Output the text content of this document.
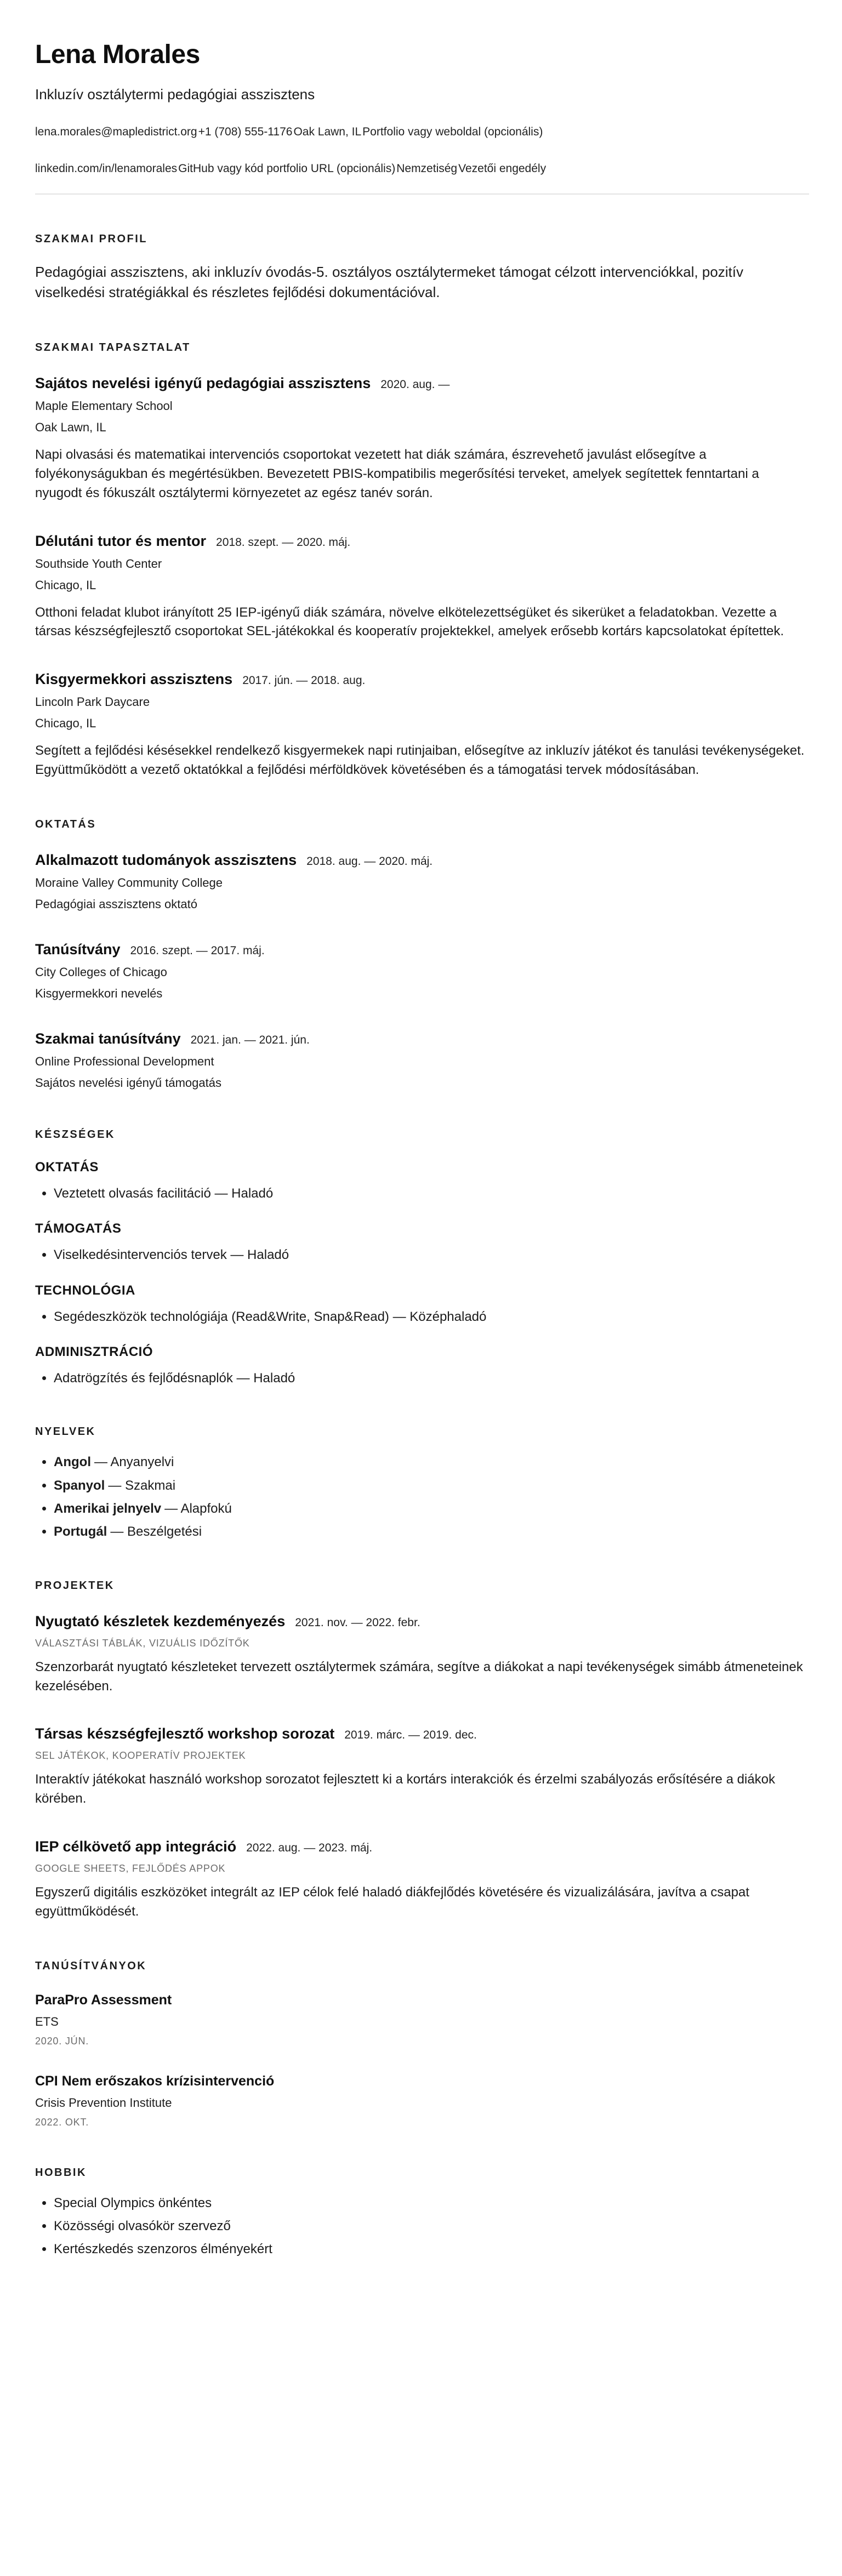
Lena Morales
Inkluzív osztálytermi pedagógiai asszisztens
lena.morales@mapledistrict.org+1 (708) 555-1176Oak Lawn, ILPortfolio vagy weboldal (opcionális)
linkedin.com/in/lenamoralesGitHub vagy kód portfolio URL (opcionális)NemzetiségVezetői engedély
SZAKMAI PROFIL

Pedagógiai asszisztens, aki inkluzív óvodás-5. osztályos osztálytermeket támogat célzott intervenciókkal, pozitív viselkedési stratégiákkal és részletes fejlődési dokumentációval.

SZAKMAI TAPASZTALAT
Sajátos nevelési igényű pedagógiai asszisztens 2020. aug. —
Maple Elementary School
Oak Lawn, IL

Napi olvasási és matematikai intervenciós csoportokat vezetett hat diák számára, észrevehető javulást elősegítve a folyékonyságukban és megértésükben. Bevezetett PBIS-kompatibilis megerősítési terveket, amelyek segítettek fenntartani a nyugodt és fókuszált osztálytermi környezetet az egész tanév során.

Délutáni tutor és mentor 2018. szept. — 2020. máj.
Southside Youth Center
Chicago, IL

Otthoni feladat klubot irányított 25 IEP-igényű diák számára, növelve elkötelezettségüket és sikerüket a feladatokban. Vezette a társas készségfejlesztő csoportokat SEL-játékokkal és kooperatív projektekkel, amelyek erősebb kortárs kapcsolatokat építettek.

Kisgyermekkori asszisztens 2017. jún. — 2018. aug.
Lincoln Park Daycare
Chicago, IL

Segített a fejlődési késésekkel rendelkező kisgyermekek napi rutinjaiban, elősegítve az inkluzív játékot és tanulási tevékenységeket. Együttműködött a vezető oktatókkal a fejlődési mérföldkövek követésében és a támogatási tervek módosításában.

OKTATÁS
Alkalmazott tudományok asszisztens 2018. aug. — 2020. máj.
Moraine Valley Community College
Pedagógiai asszisztens oktató
Tanúsítvány 2016. szept. — 2017. máj.
City Colleges of Chicago
Kisgyermekkori nevelés
Szakmai tanúsítvány 2021. jan. — 2021. jún.
Online Professional Development
Sajátos nevelési igényű támogatás
KÉSZSÉGEK
OKTATÁS
• Veztetett olvasás facilitáció — Haladó
TÁMOGATÁS
• Viselkedésintervenciós tervek — Haladó
TECHNOLÓGIA
• Segédeszközök technológiája (Read&Write, Snap&Read) — Középhaladó
ADMINISZTRÁCIÓ
• Adatrögzítés és fejlődésnaplók — Haladó
NYELVEK
• Angol — Anyanyelvi
• Spanyol — Szakmai
• Amerikai jelnyelv — Alapfokú
• Portugál — Beszélgetési
PROJEKTEK
Nyugtató készletek kezdeményezés 2021. nov. — 2022. febr.
VÁLASZTÁSI TÁBLÁK, VIZUÁLIS IDŐZÍTŐK

Szenzorbarát nyugtató készleteket tervezett osztálytermek számára, segítve a diákokat a napi tevékenységek simább átmeneteinek kezelésében.

Társas készségfejlesztő workshop sorozat 2019. márc. — 2019. dec.
SEL JÁTÉKOK, KOOPERATÍV PROJEKTEK

Interaktív játékokat használó workshop sorozatot fejlesztett ki a kortárs interakciók és érzelmi szabályozás erősítésére a diákok körében.

IEP célkövető app integráció 2022. aug. — 2023. máj.
GOOGLE SHEETS, FEJLŐDÉS APPOK

Egyszerű digitális eszközöket integrált az IEP célok felé haladó diákfejlődés követésére és vizualizálására, javítva a csapat együttműködését.

TANÚSÍTVÁNYOK
ParaPro Assessment
ETS
2020. JÚN.
CPI Nem erőszakos krízisintervenció
Crisis Prevention Institute
2022. OKT.
HOBBIK
• Special Olympics önkéntes
• Közösségi olvasókör szervező
• Kertészkedés szenzoros élményekért
